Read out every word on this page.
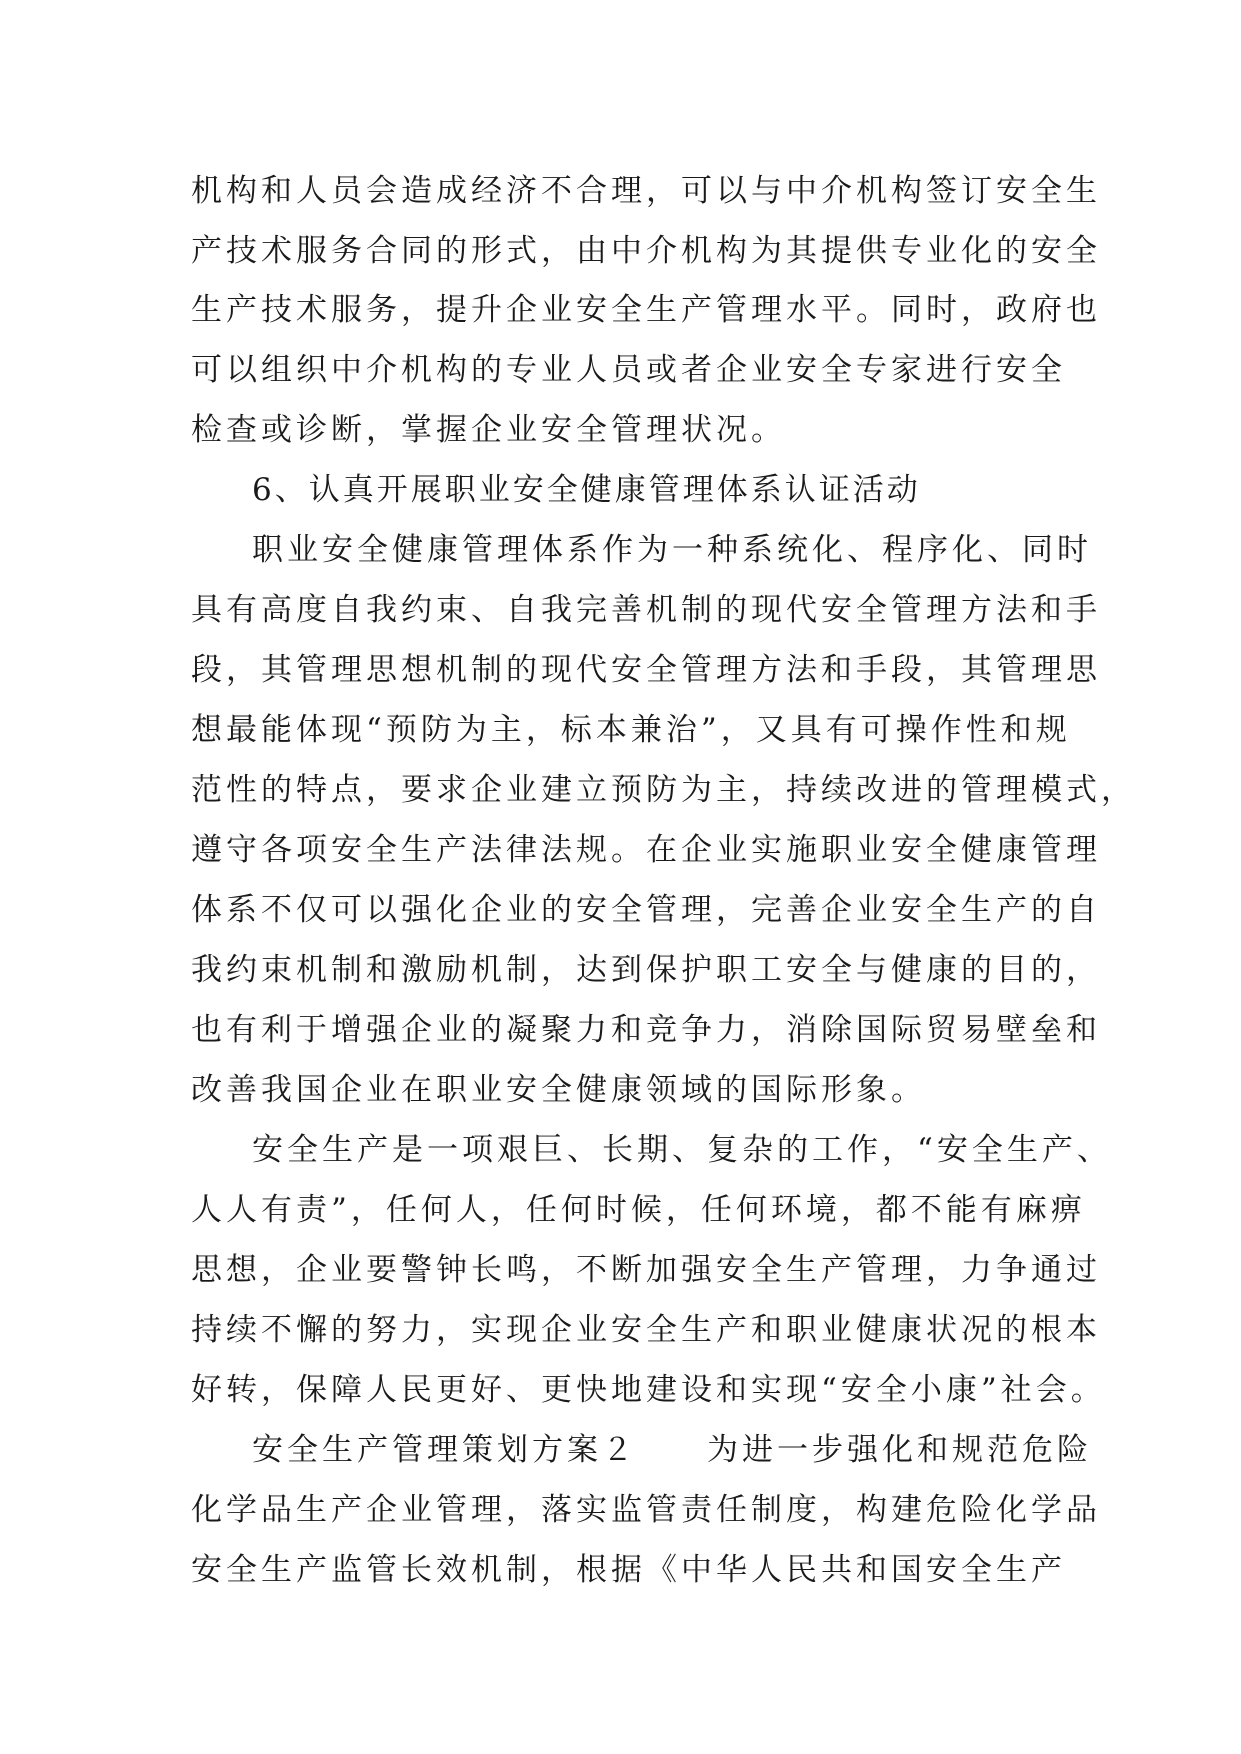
机构和人员会造成经济不合理，可以与中介机构签订安全生
产技术服务合同的形式，由中介机构为其提供专业化的安全
生产技术服务，提升企业安全生产管理水平。同时，政府也
可以组织中介机构的专业人员或者企业安全专家进行安全
检查或诊断，掌握企业安全管理状况。
6、认真开展职业安全健康管理体系认证活动
职业安全健康管理体系作为一种系统化、程序化、同时
具有高度自我约束、自我完善机制的现代安全管理方法和手
段，其管理思想机制的现代安全管理方法和手段，其管理思
想最能体现“预防为主，标本兼治”，又具有可操作性和规
范性的特点，要求企业建立预防为主，持续改进的管理模式，
遵守各项安全生产法律法规。在企业实施职业安全健康管理
体系不仅可以强化企业的安全管理，完善企业安全生产的自
我约束机制和激励机制，达到保护职工安全与健康的目的，
也有利于增强企业的凝聚力和竞争力，消除国际贸易壁垒和
改善我国企业在职业安全健康领域的国际形象。
安全生产是一项艰巨、长期、复杂的工作，“安全生产、
人人有责”，任何人，任何时候，任何环境，都不能有麻痹
思想，企业要警钟长鸣，不断加强安全生产管理，力争通过
持续不懈的努力，实现企业安全生产和职业健康状况的根本
好转，保障人民更好、更快地建设和实现“安全小康”社会。
安全生产管理策划方案２　　为进一步强化和规范危险
化学品生产企业管理，落实监管责任制度，构建危险化学品
安全生产监管长效机制，根据《中华人民共和国安全生产
